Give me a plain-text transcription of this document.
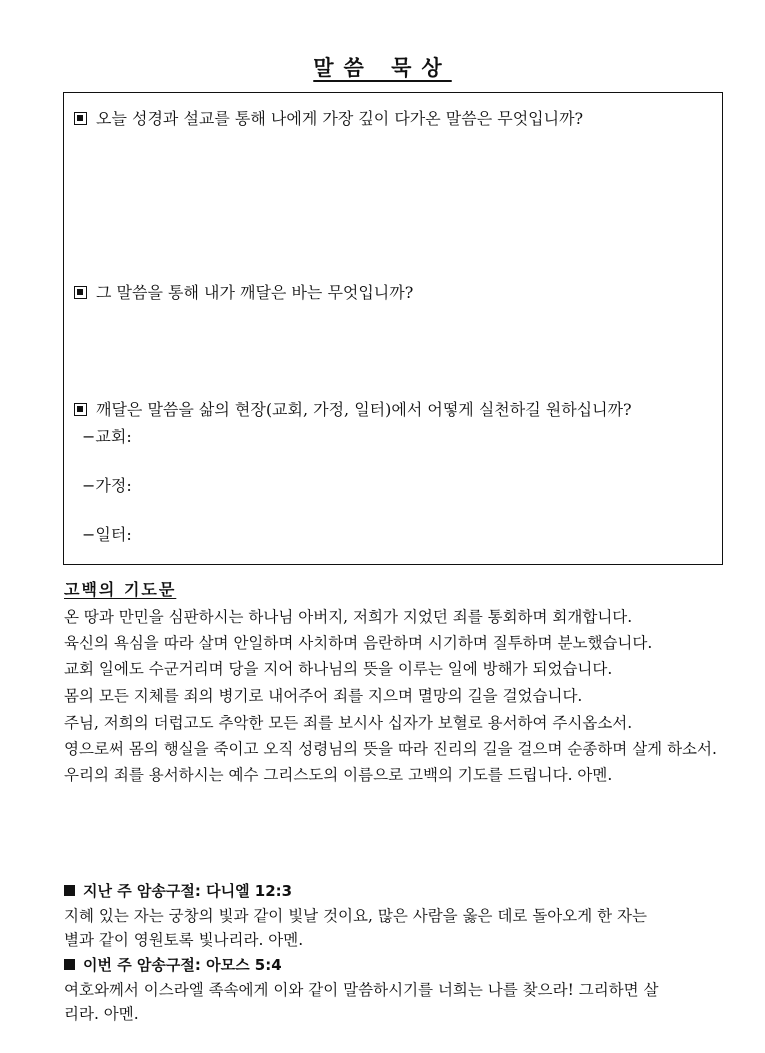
말씀 묵상
오늘 성경과 설교를 통해 나에게 가장 깊이 다가온 말씀은 무엇입니까?
그 말씀을 통해 내가 깨달은 바는 무엇입니까?
깨달은 말씀을 삶의 현장(교회, 가정, 일터)에서 어떻게 실천하길 원하십니까?
−교회:
−가정:
−일터:
고백의 기도문
온 땅과 만민을 심판하시는 하나님 아버지, 저희가 지었던 죄를 통회하며 회개합니다.
육신의 욕심을 따라 살며 안일하며 사치하며 음란하며 시기하며 질투하며 분노했습니다.
교회 일에도 수군거리며 당을 지어 하나님의 뜻을 이루는 일에 방해가 되었습니다.
몸의 모든 지체를 죄의 병기로 내어주어 죄를 지으며 멸망의 길을 걸었습니다.
주님, 저희의 더럽고도 추악한 모든 죄를 보시사 십자가 보혈로 용서하여 주시옵소서.
영으로써 몸의 행실을 죽이고 오직 성령님의 뜻을 따라 진리의 길을 걸으며 순종하며 살게 하소서.
우리의 죄를 용서하시는 예수 그리스도의 이름으로 고백의 기도를 드립니다. 아멘.
지난 주 암송구절: 다니엘 12:3
지혜 있는 자는 궁창의 빛과 같이 빛날 것이요, 많은 사람을 옳은 데로 돌아오게 한 자는
별과 같이 영원토록 빛나리라. 아멘.
이번 주 암송구절: 아모스 5:4
여호와께서 이스라엘 족속에게 이와 같이 말씀하시기를 너희는 나를 찾으라! 그리하면 살
리라. 아멘.
